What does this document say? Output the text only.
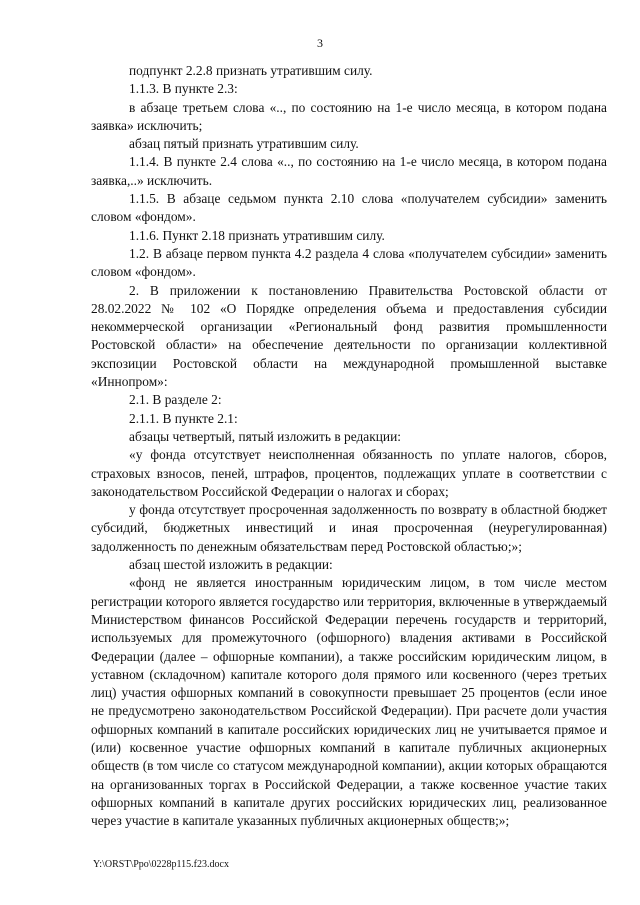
3

подпункт 2.2.8 признать утратившим силу.

1.1.3. В пункте 2.3:

в абзаце третьем слова «.., по состоянию на 1-е число месяца, в котором подана заявка» исключить;

абзац пятый признать утратившим силу.

1.1.4. В пункте 2.4 слова «.., по состоянию на 1-е число месяца, в котором подана заявка,..» исключить.

1.1.5. В абзаце седьмом пункта 2.10 слова «получателем субсидии» заменить словом «фондом».

1.1.6. Пункт 2.18 признать утратившим силу.

1.2. В абзаце первом пункта 4.2 раздела 4 слова «получателем субсидии» заменить словом «фондом».

2. В приложении к постановлению Правительства Ростовской области от 28.02.2022 № 102 «О Порядке определения объема и предоставления субсидии некоммерческой организации «Региональный фонд развития промышленности Ростовской области» на обеспечение деятельности по организации коллективной экспозиции Ростовской области на международной промышленной выставке «Иннопром»:

2.1. В разделе 2:

2.1.1. В пункте 2.1:

абзацы четвертый, пятый изложить в редакции:

«у фонда отсутствует неисполненная обязанность по уплате налогов, сборов, страховых взносов, пеней, штрафов, процентов, подлежащих уплате в соответствии с законодательством Российской Федерации о налогах и сборах;

у фонда отсутствует просроченная задолженность по возврату в областной бюджет субсидий, бюджетных инвестиций и иная просроченная (неурегулированная) задолженность по денежным обязательствам перед Ростовской областью;»;

абзац шестой изложить в редакции:

«фонд не является иностранным юридическим лицом, в том числе местом регистрации которого является государство или территория, включенные в утверждаемый Министерством финансов Российской Федерации перечень государств и территорий, используемых для промежуточного (офшорного) владения активами в Российской Федерации (далее – офшорные компании), а также российским юридическим лицом, в уставном (складочном) капитале которого доля прямого или косвенного (через третьих лиц) участия офшорных компаний в совокупности превышает 25 процентов (если иное не предусмотрено законодательством Российской Федерации). При расчете доли участия офшорных компаний в капитале российских юридических лиц не учитывается прямое и (или) косвенное участие офшорных компаний в капитале публичных акционерных обществ (в том числе со статусом международной компании), акции которых обращаются на организованных торгах в Российской Федерации, а также косвенное участие таких офшорных компаний в капитале других российских юридических лиц, реализованное через участие в капитале указанных публичных акционерных обществ;»;

Y:\ORST\Ppo\0228p115.f23.docx
